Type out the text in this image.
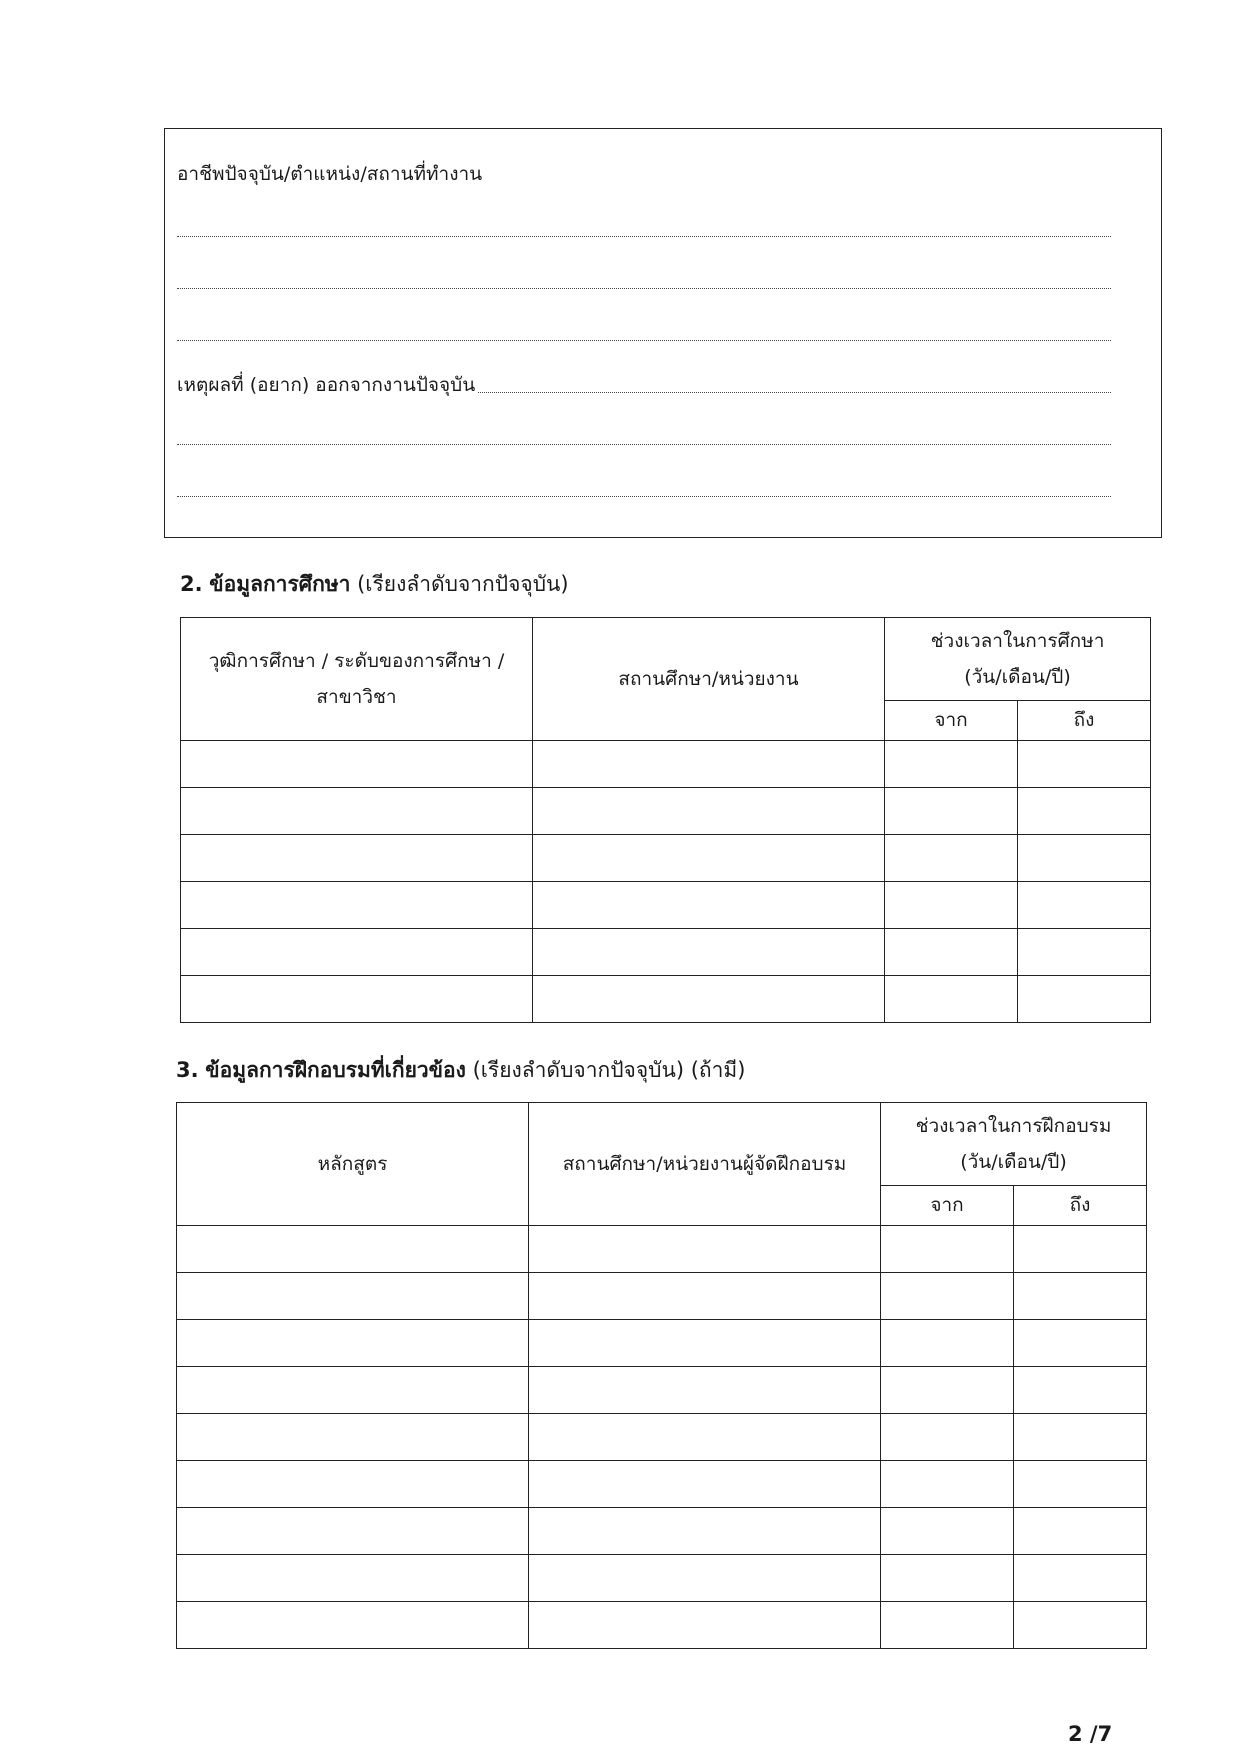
อาชีพปัจจุบัน/ตำแหน่ง/สถานที่ทำงาน
เหตุผลที่ (อยาก) ออกจากงานปัจจุบัน
2. ข้อมูลการศึกษา (เรียงลำดับจากปัจจุบัน)
วุฒิการศึกษา / ระดับของการศึกษา / สาขาวิชา	สถานศึกษา/หน่วยงาน	ช่วงเวลาในการศึกษา
(วัน/เดือน/ปี)	

		จาก	ถึง

3. ข้อมูลการฝึกอบรมที่เกี่ยวข้อง (เรียงลำดับจากปัจจุบัน) (ถ้ามี)
หลักสูตร	สถานศึกษา/หน่วยงานผู้จัดฝึกอบรม	ช่วงเวลาในการฝึกอบรม
(วัน/เดือน/ปี)	

		จาก	ถึง

2 /7
